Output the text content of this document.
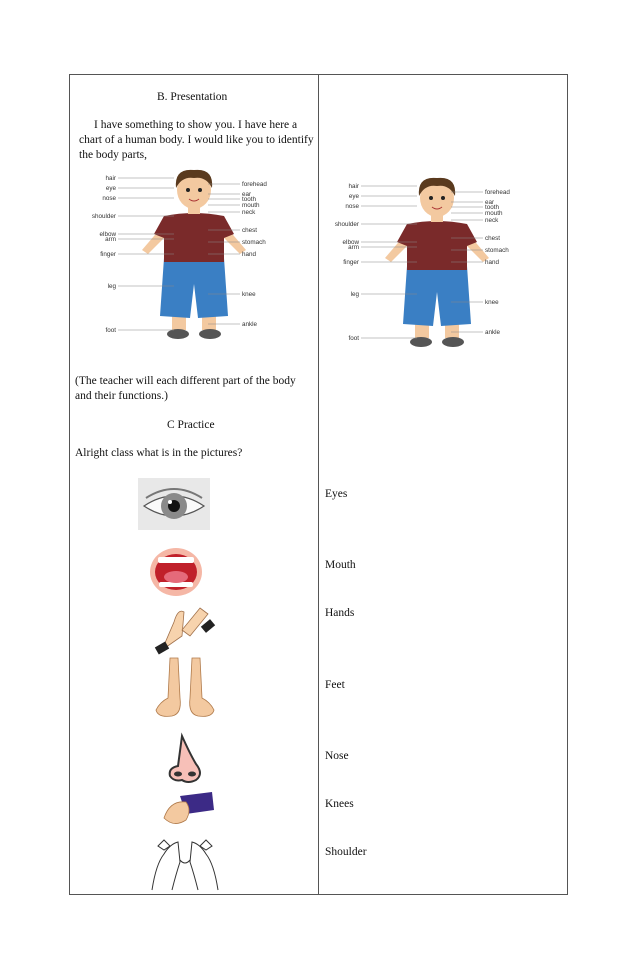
B. Presentation
I have something to show you. I have here a chart of a human body. I would like you to identify the body parts,
hair
eye
nose
shoulder
elbow
arm
finger
leg
foot
forehead
ear
tooth
mouth
neck
chest
stomach
hand
knee
ankle
(The teacher will each different part of the body and their functions.)
C Practice
Alright class what is in the pictures?
hair
eye
nose
shoulder
elbow
arm
finger
leg
foot
forehead
ear
tooth
mouth
neck
chest
stomach
hand
knee
ankle
Eyes
Mouth
Hands
Feet
Nose
Knees
Shoulder
